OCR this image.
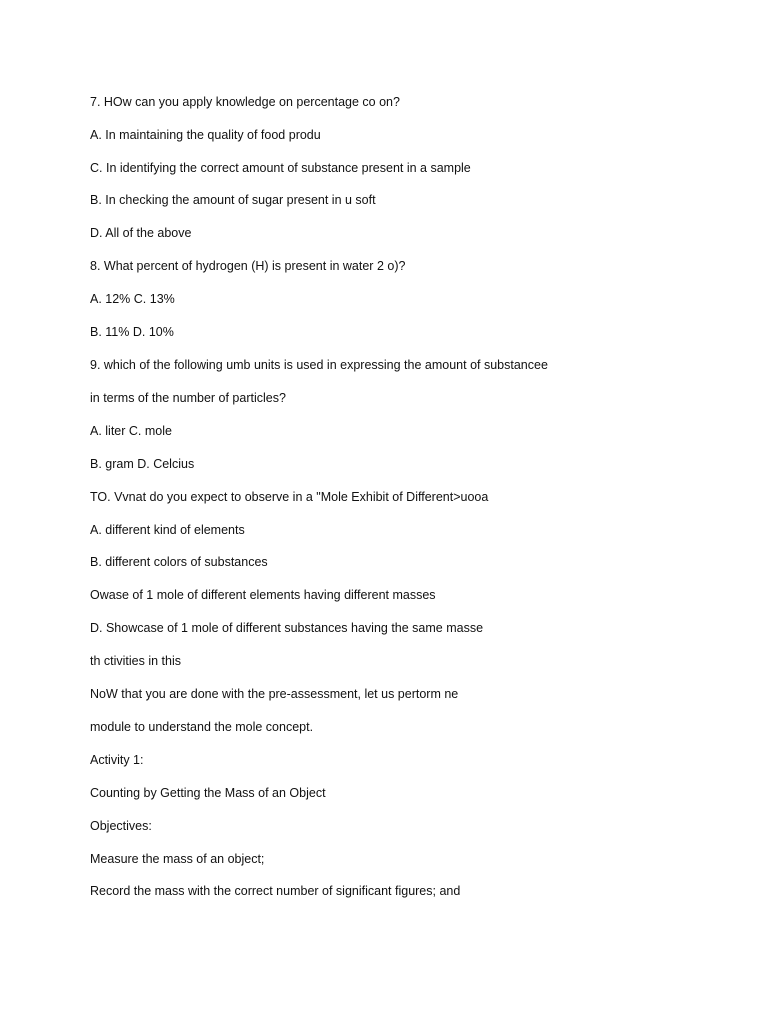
7. HOw can you apply knowledge on percentage co on?

A. In maintaining the quality of food produ

C. In identifying the correct amount of substance present in a sample

B. In checking the amount of sugar present in u soft

D. All of the above

8. What percent of hydrogen (H) is present in water 2 o)?

A. 12% C. 13%

B. 11% D. 10%

9. which of the following umb units is used in expressing the amount of substancee

in terms of the number of particles?

A. liter C. mole

B. gram D. Celcius

TO. Vvnat do you expect to observe in a "Mole Exhibit of Different>uooa

A. different kind of elements

B. different colors of substances

Owase of 1 mole of different elements having different masses

D. Showcase of 1 mole of different substances having the same masse

th ctivities in this

NoW that you are done with the pre-assessment, let us pertorm ne

module to understand the mole concept.

Activity 1:

Counting by Getting the Mass of an Object

Objectives:

Measure the mass of an object;

Record the mass with the correct number of significant figures; and
